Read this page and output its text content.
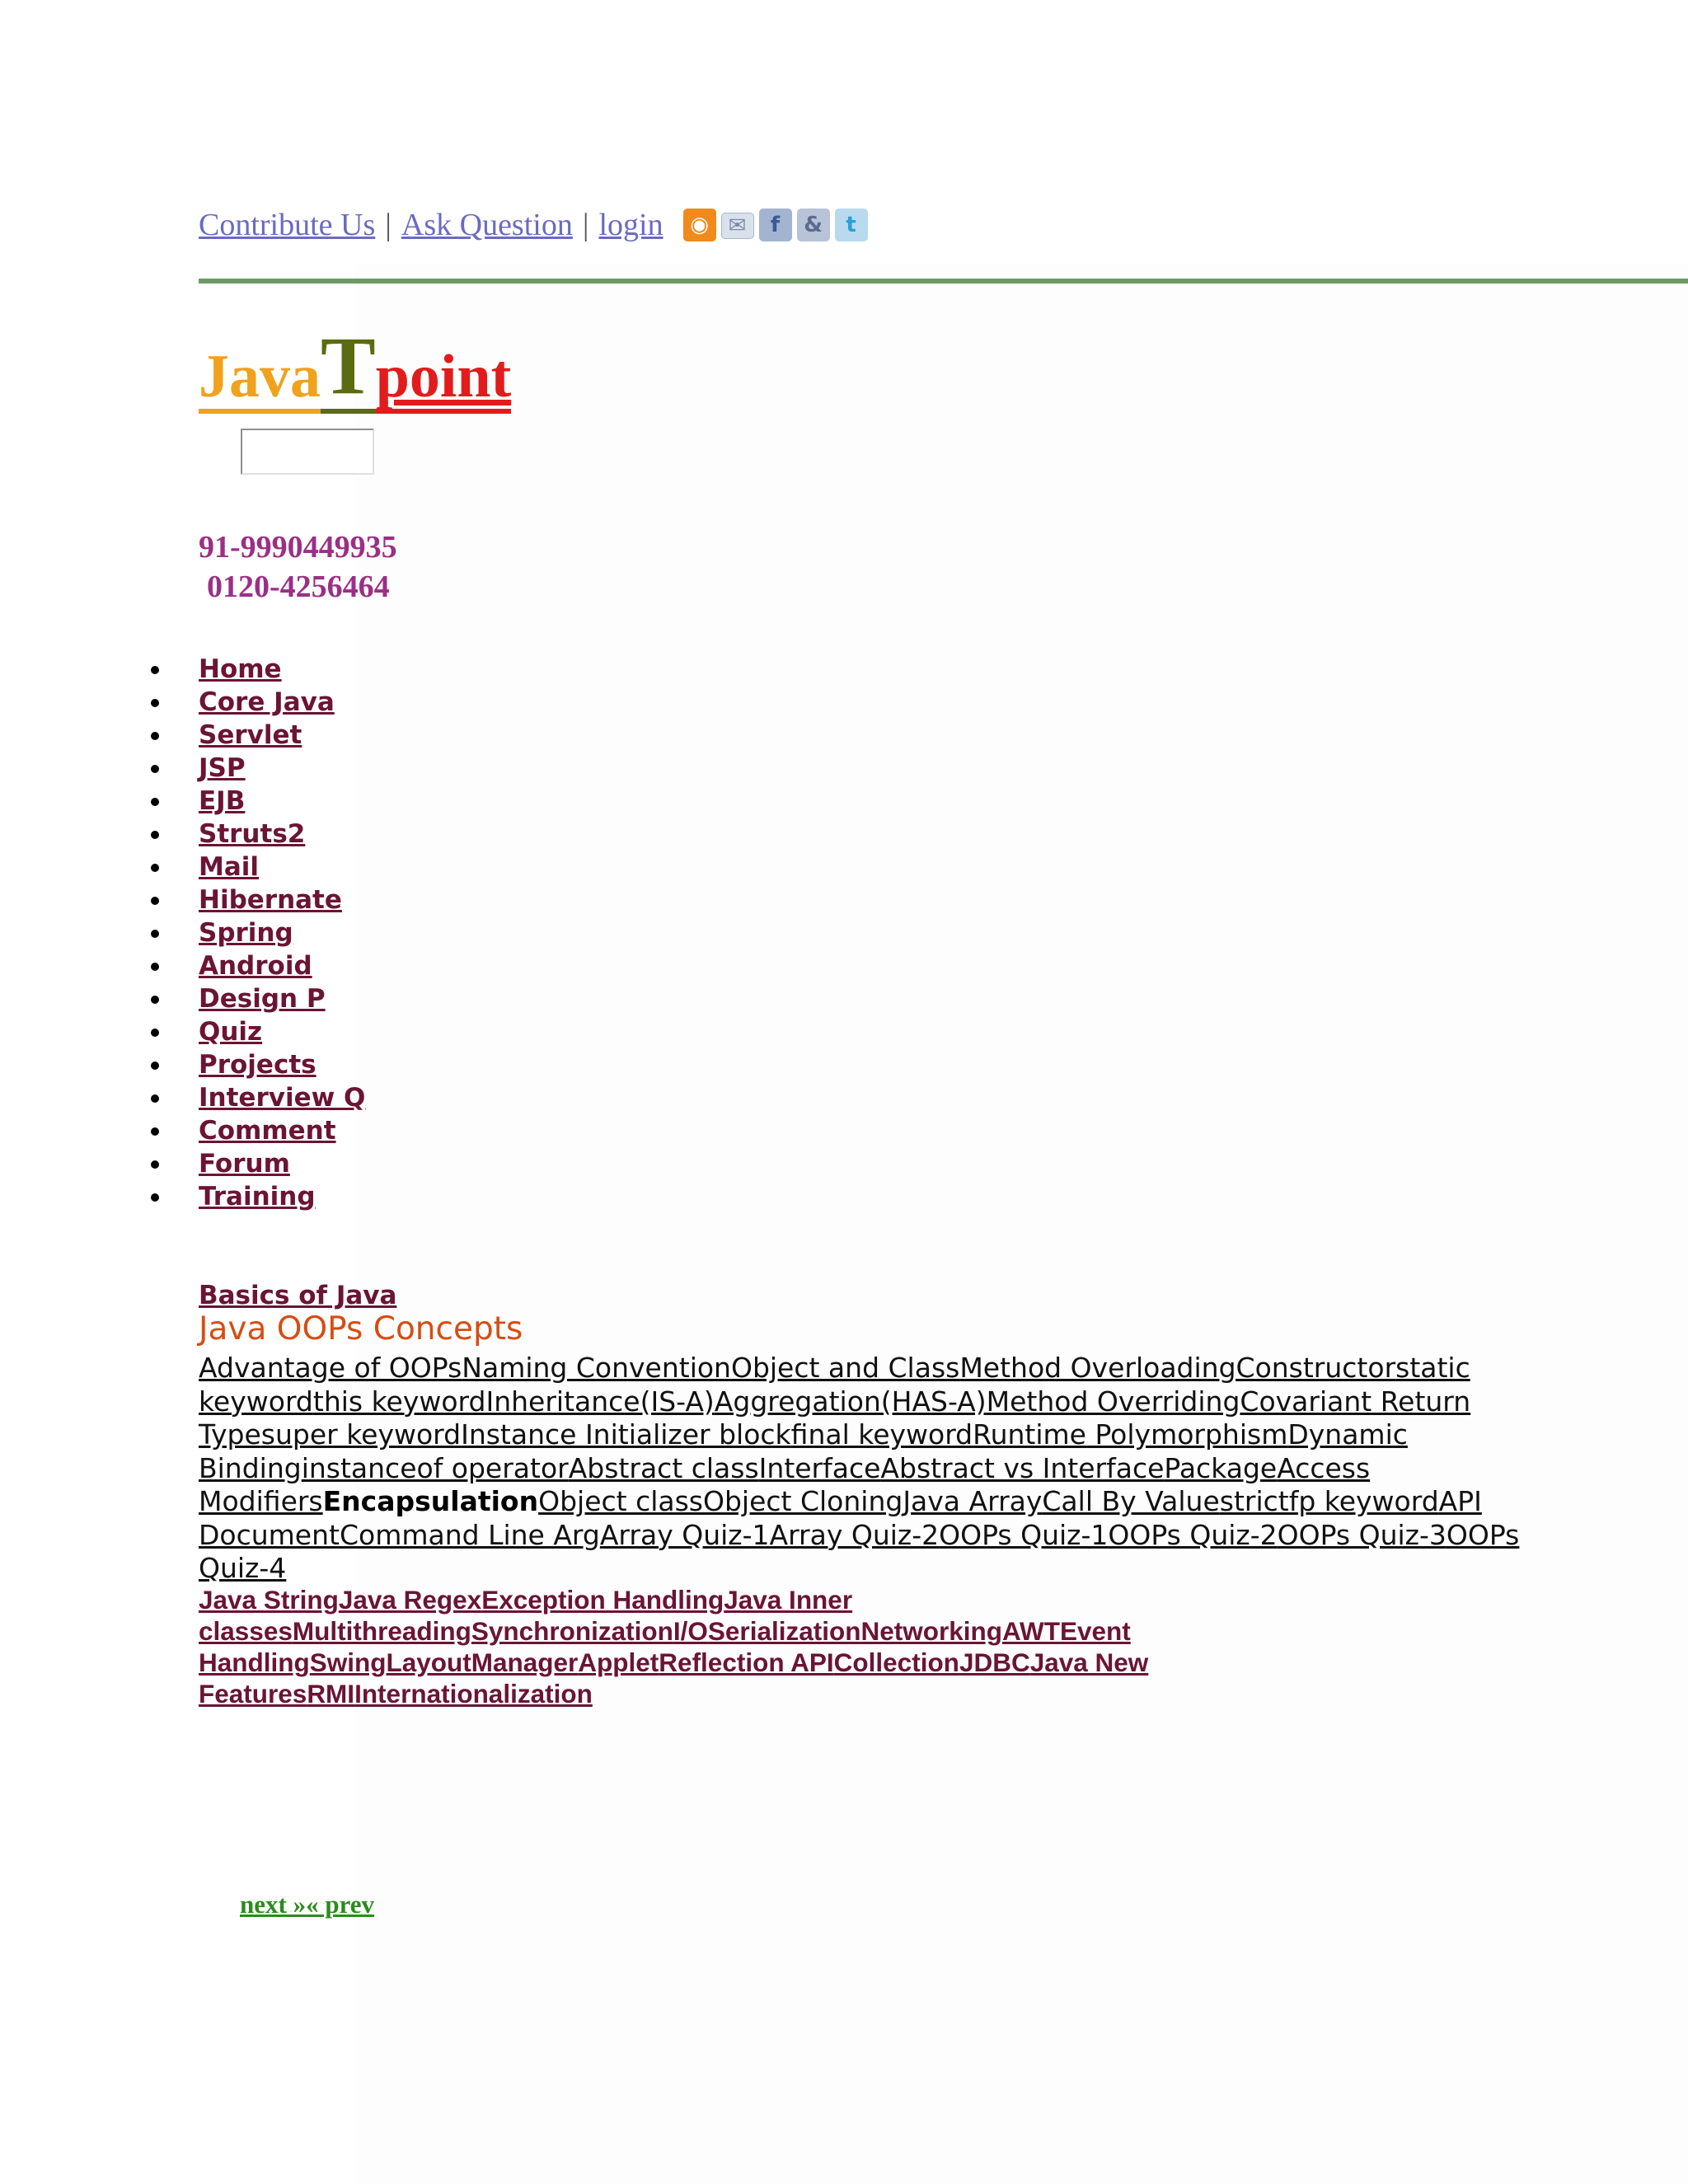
Contribute Us | Ask Question | login	◉ ✉	f	&	t
Java T point
91-9990449935
0120-4256464
Home
Core Java
Servlet
JSP
EJB
Struts2
Mail
Hibernate
Spring
Android
Design P
Quiz
Projects
Interview Q
Comment
Forum
Training
Basics of Java
Java OOPs Concepts
Advantage of OOPsNaming ConventionObject and ClassMethod OverloadingConstructorstatic keywordthis keywordInheritance(IS-A)Aggregation(HAS-A)Method OverridingCovariant Return Typesuper keywordInstance Initializer blockfinal keywordRuntime PolymorphismDynamic Bindinginstanceof operatorAbstract classInterfaceAbstract vs InterfacePackageAccess ModifiersEncapsulationObject classObject CloningJava ArrayCall By Valuestrictfp keywordAPI DocumentCommand Line ArgArray Quiz-1Array Quiz-2OOPs Quiz-1OOPs Quiz-2OOPs Quiz-3OOPs Quiz-4
Java StringJava RegexException HandlingJava Inner classesMultithreadingSynchronizationI/OSerializationNetworkingAWTEvent HandlingSwingLayoutManagerAppletReflection APICollectionJDBCJava New FeaturesRMIInternationalization
next »« prev
